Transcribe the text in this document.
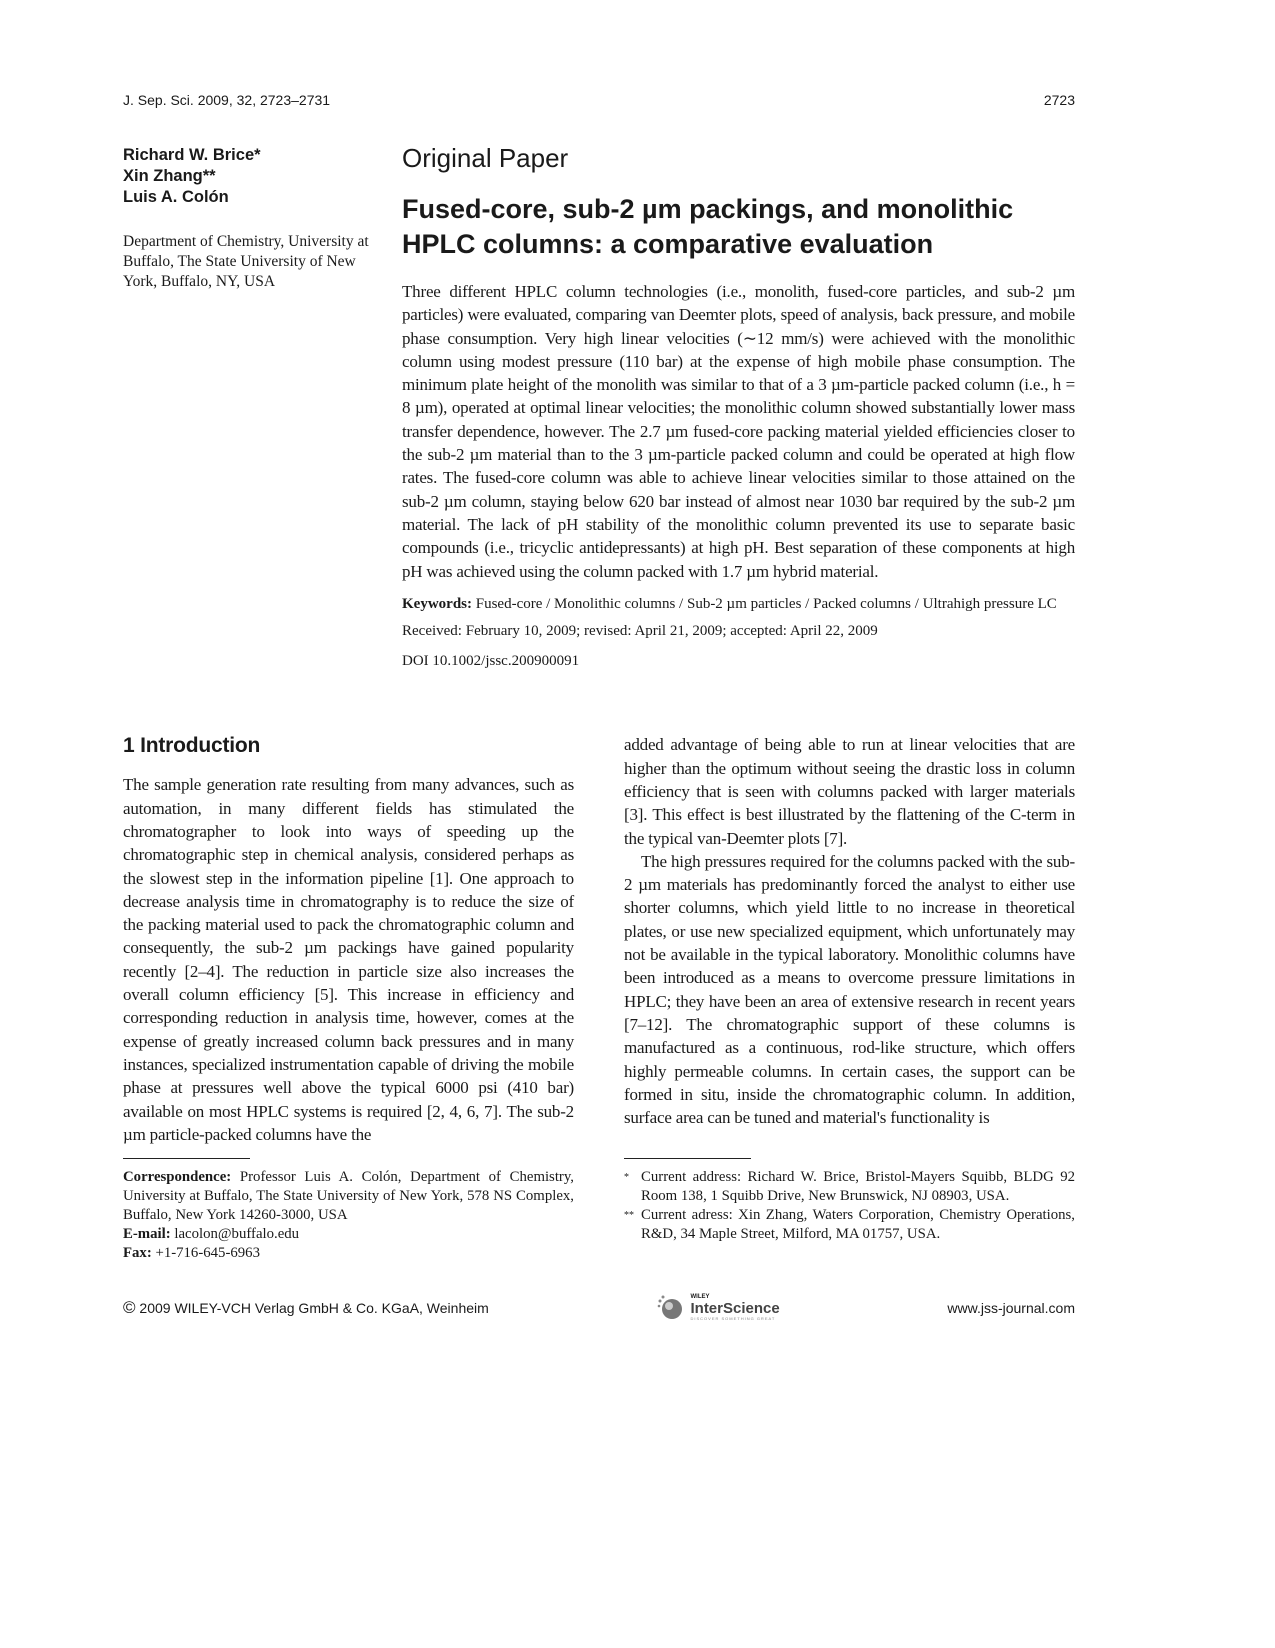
J. Sep. Sci. 2009, 32, 2723–2731	2723
Richard W. Brice*
Xin Zhang**
Luis A. Colón
Department of Chemistry, University at Buffalo, The State University of New York, Buffalo, NY, USA
Original Paper
Fused-core, sub-2 µm packings, and monolithic HPLC columns: a comparative evaluation
Three different HPLC column technologies (i.e., monolith, fused-core particles, and sub-2 µm particles) were evaluated, comparing van Deemter plots, speed of analysis, back pressure, and mobile phase consumption. Very high linear velocities (∼12 mm/s) were achieved with the monolithic column using modest pressure (110 bar) at the expense of high mobile phase consumption. The minimum plate height of the monolith was similar to that of a 3 µm-particle packed column (i.e., h = 8 µm), operated at optimal linear velocities; the monolithic column showed substantially lower mass transfer dependence, however. The 2.7 µm fused-core packing material yielded efficiencies closer to the sub-2 µm material than to the 3 µm-particle packed column and could be operated at high flow rates. The fused-core column was able to achieve linear velocities similar to those attained on the sub-2 µm column, staying below 620 bar instead of almost near 1030 bar required by the sub-2 µm material. The lack of pH stability of the monolithic column prevented its use to separate basic compounds (i.e., tricyclic antidepressants) at high pH. Best separation of these components at high pH was achieved using the column packed with 1.7 µm hybrid material.
Keywords: Fused-core / Monolithic columns / Sub-2 µm particles / Packed columns / Ultrahigh pressure LC
Received: February 10, 2009; revised: April 21, 2009; accepted: April 22, 2009
DOI 10.1002/jssc.200900091
1 Introduction

The sample generation rate resulting from many advances, such as automation, in many different fields has stimulated the chromatographer to look into ways of speeding up the chromatographic step in chemical analysis, considered perhaps as the slowest step in the information pipeline [1]. One approach to decrease analysis time in chromatography is to reduce the size of the packing material used to pack the chromatographic column and consequently, the sub-2 µm packings have gained popularity recently [2–4]. The reduction in particle size also increases the overall column efficiency [5]. This increase in efficiency and corresponding reduction in analysis time, however, comes at the expense of greatly increased column back pressures and in many instances, specialized instrumentation capable of driving the mobile phase at pressures well above the typical 6000 psi (410 bar) available on most HPLC systems is required [2, 4, 6, 7]. The sub-2 µm particle-packed columns have the

added advantage of being able to run at linear velocities that are higher than the optimum without seeing the drastic loss in column efficiency that is seen with columns packed with larger materials [3]. This effect is best illustrated by the flattening of the C-term in the typical van-Deemter plots [7].

The high pressures required for the columns packed with the sub-2 µm materials has predominantly forced the analyst to either use shorter columns, which yield little to no increase in theoretical plates, or use new specialized equipment, which unfortunately may not be available in the typical laboratory. Monolithic columns have been introduced as a means to overcome pressure limitations in HPLC; they have been an area of extensive research in recent years [7–12]. The chromatographic support of these columns is manufactured as a continuous, rod-like structure, which offers highly permeable columns. In certain cases, the support can be formed in situ, inside the chromatographic column. In addition, surface area can be tuned and material's functionality is

Correspondence: Professor Luis A. Colón, Department of Chemistry, University at Buffalo, The State University of New York, 578 NS Complex, Buffalo, New York 14260-3000, USA
E-mail: lacolon@buffalo.edu
Fax: +1-716-645-6963
* Current address: Richard W. Brice, Bristol-Mayers Squibb, BLDG 92 Room 138, 1 Squibb Drive, New Brunswick, NJ 08903, USA.
** Current adress: Xin Zhang, Waters Corporation, Chemistry Operations, R&D, 34 Maple Street, Milford, MA 01757, USA.
© 2009 WILEY-VCH Verlag GmbH & Co. KGaA, Weinheim
WILEY
InterScience
DISCOVER SOMETHING GREAT
www.jss-journal.com
